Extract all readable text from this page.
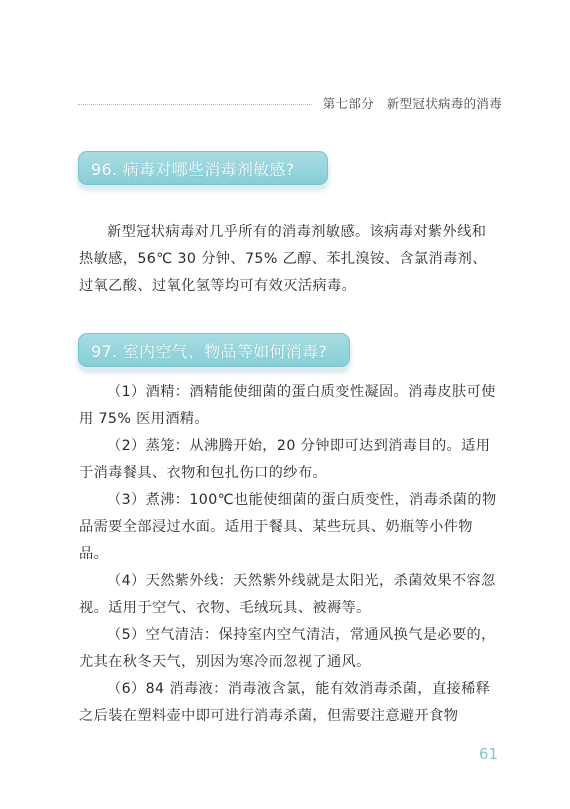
第七部分　新型冠状病毒的消毒
96. 病毒对哪些消毒剂敏感?

新型冠状病毒对几乎所有的消毒剂敏感。该病毒对紫外线和热敏感，56℃ 30 分钟、75% 乙醇、苯扎溴铵、含氯消毒剂、过氧乙酸、过氧化氢等均可有效灭活病毒。

97. 室内空气、物品等如何消毒?

（1）酒精：酒精能使细菌的蛋白质变性凝固。消毒皮肤可使用 75% 医用酒精。

（2）蒸笼：从沸腾开始，20 分钟即可达到消毒目的。适用于消毒餐具、衣物和包扎伤口的纱布。

（3）煮沸：100℃也能使细菌的蛋白质变性，消毒杀菌的物品需要全部浸过水面。适用于餐具、某些玩具、奶瓶等小件物品。

（4）天然紫外线：天然紫外线就是太阳光，杀菌效果不容忽视。适用于空气、衣物、毛绒玩具、被褥等。

（5）空气清洁：保持室内空气清洁，常通风换气是必要的，尤其在秋冬天气，别因为寒冷而忽视了通风。

（6）84 消毒液：消毒液含氯，能有效消毒杀菌，直接稀释之后装在塑料壶中即可进行消毒杀菌，但需要注意避开食物

61
